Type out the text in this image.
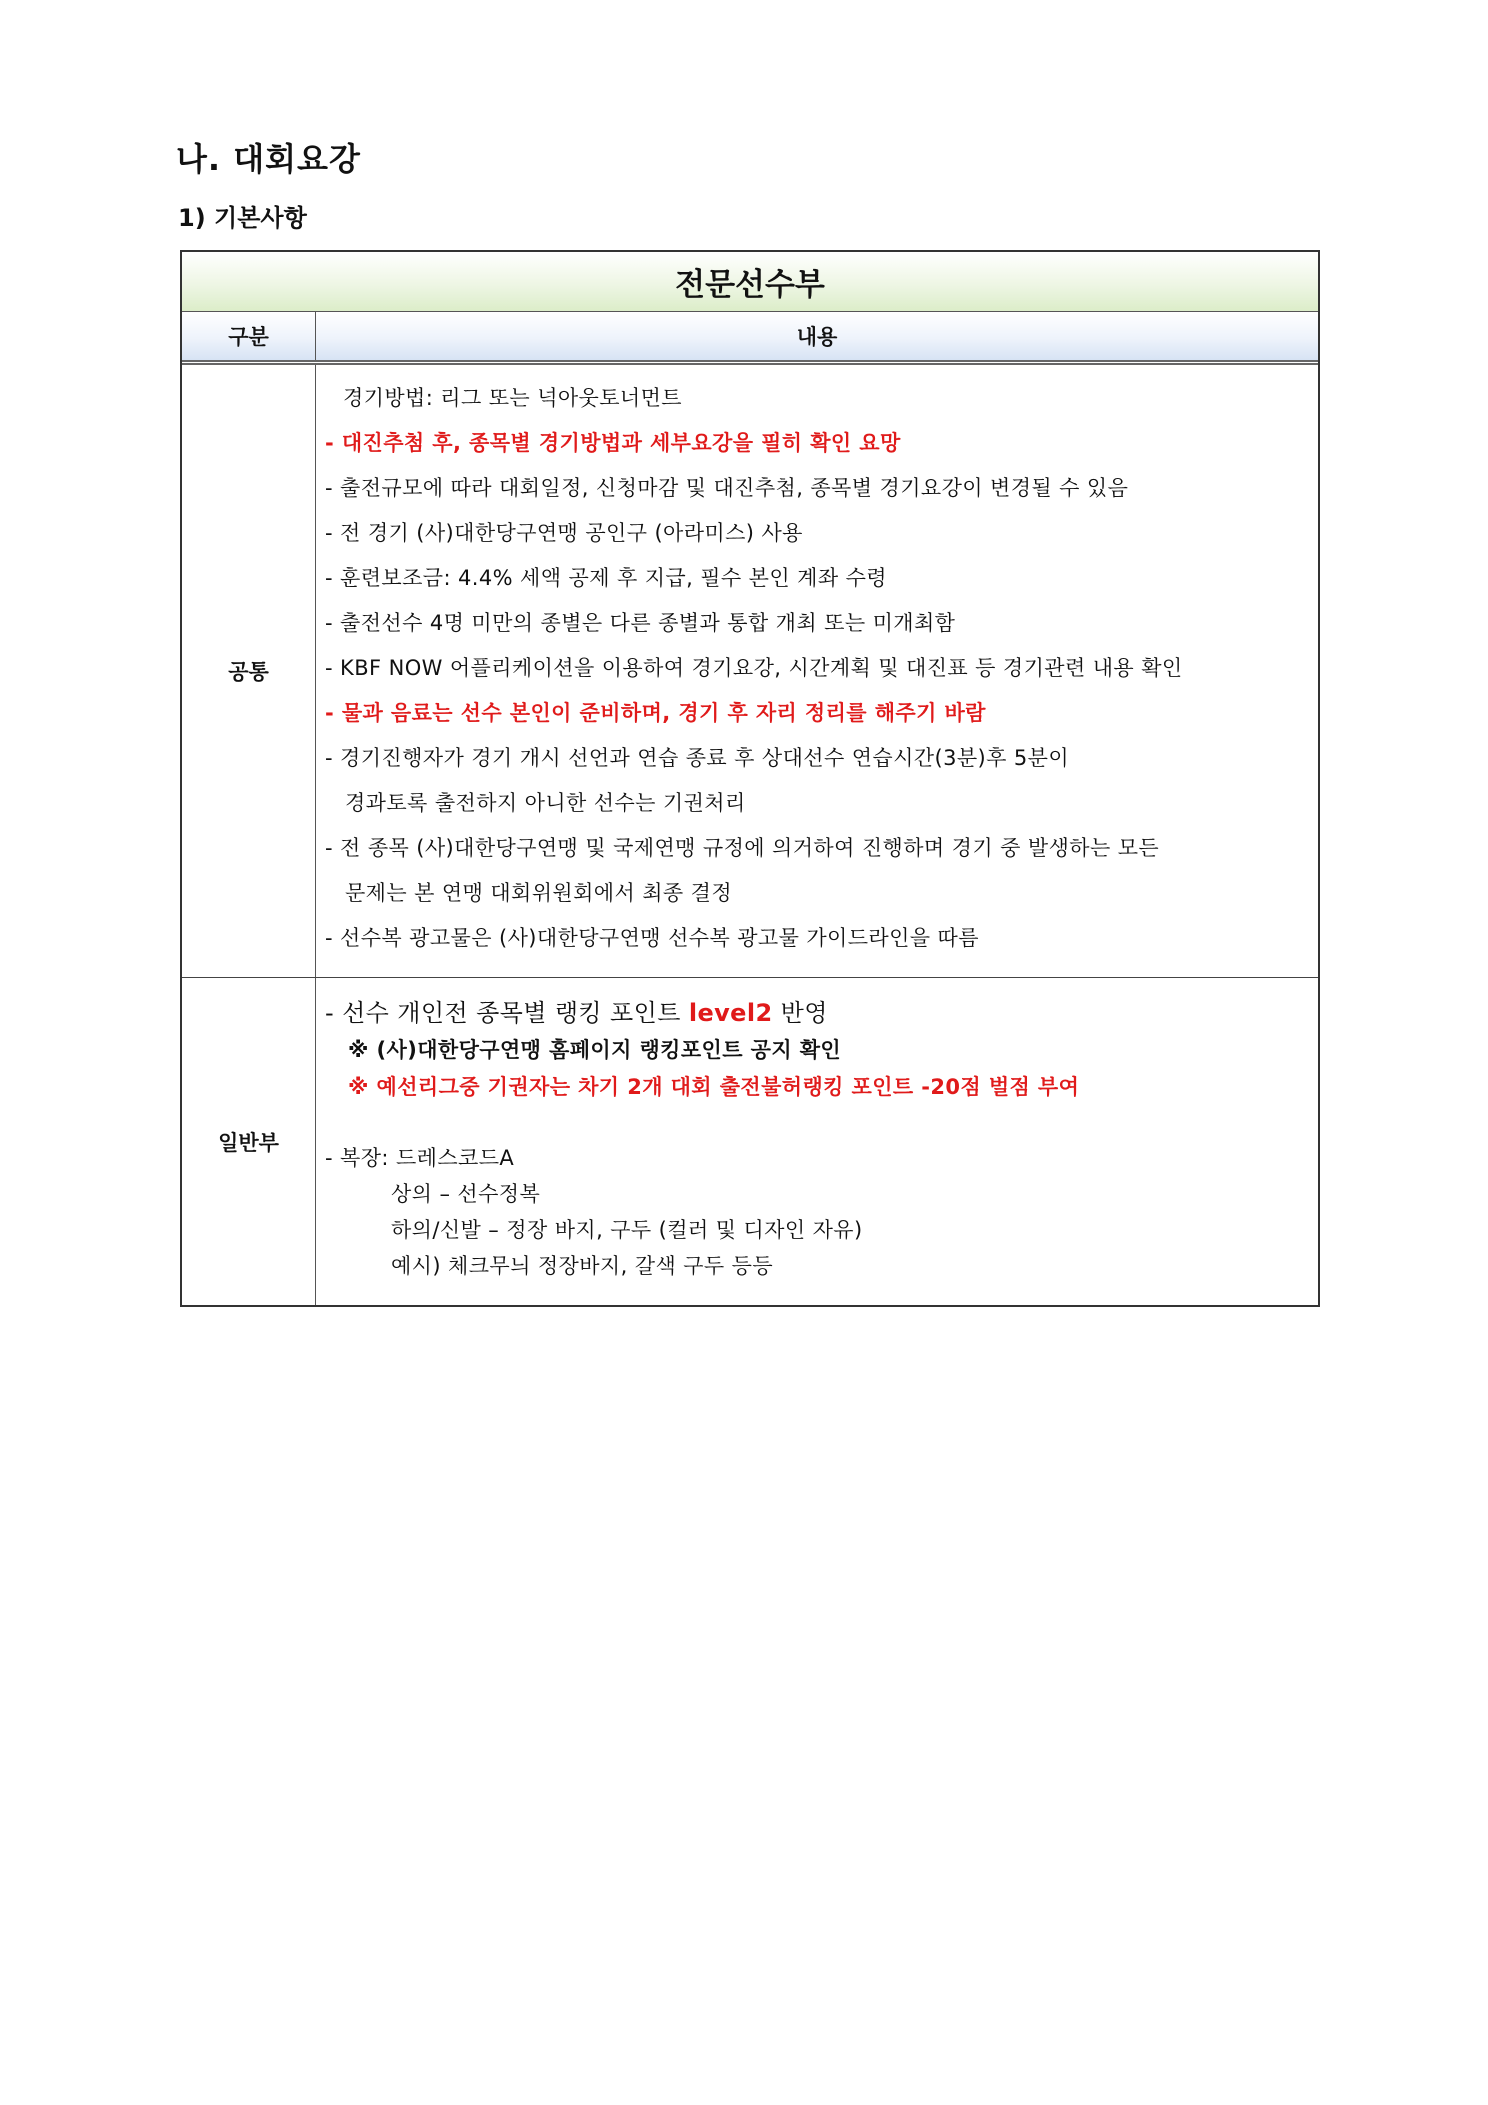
나. 대회요강
1) 기본사항
전문선수부
구분	내용
공통
경기방법: 리그 또는 넉아웃토너먼트
- 대진추첨 후, 종목별 경기방법과 세부요강을 필히 확인 요망
- 출전규모에 따라 대회일정, 신청마감 및 대진추첨, 종목별 경기요강이 변경될 수 있음
- 전 경기 (사)대한당구연맹 공인구 (아라미스) 사용
- 훈련보조금: 4.4% 세액 공제 후 지급, 필수 본인 계좌 수령
- 출전선수 4명 미만의 종별은 다른 종별과 통합 개최 또는 미개최함
- KBF NOW 어플리케이션을 이용하여 경기요강, 시간계획 및 대진표 등 경기관련 내용 확인
- 물과 음료는 선수 본인이 준비하며, 경기 후 자리 정리를 해주기 바람
- 경기진행자가 경기 개시 선언과 연습 종료 후 상대선수 연습시간(3분)후 5분이
경과토록 출전하지 아니한 선수는 기권처리
- 전 종목 (사)대한당구연맹 및 국제연맹 규정에 의거하여 진행하며 경기 중 발생하는 모든
문제는 본 연맹 대회위원회에서 최종 결정
- 선수복 광고물은 (사)대한당구연맹 선수복 광고물 가이드라인을 따름
일반부
- 선수 개인전 종목별 랭킹 포인트 level2 반영
※ (사)대한당구연맹 홈페이지 랭킹포인트 공지 확인
※ 예선리그중 기권자는 차기 2개 대회 출전불허랭킹 포인트 -20점 벌점 부여
- 복장: 드레스코드A
상의 – 선수정복
하의/신발 – 정장 바지, 구두 (컬러 및 디자인 자유)
예시) 체크무늬 정장바지, 갈색 구두 등등
